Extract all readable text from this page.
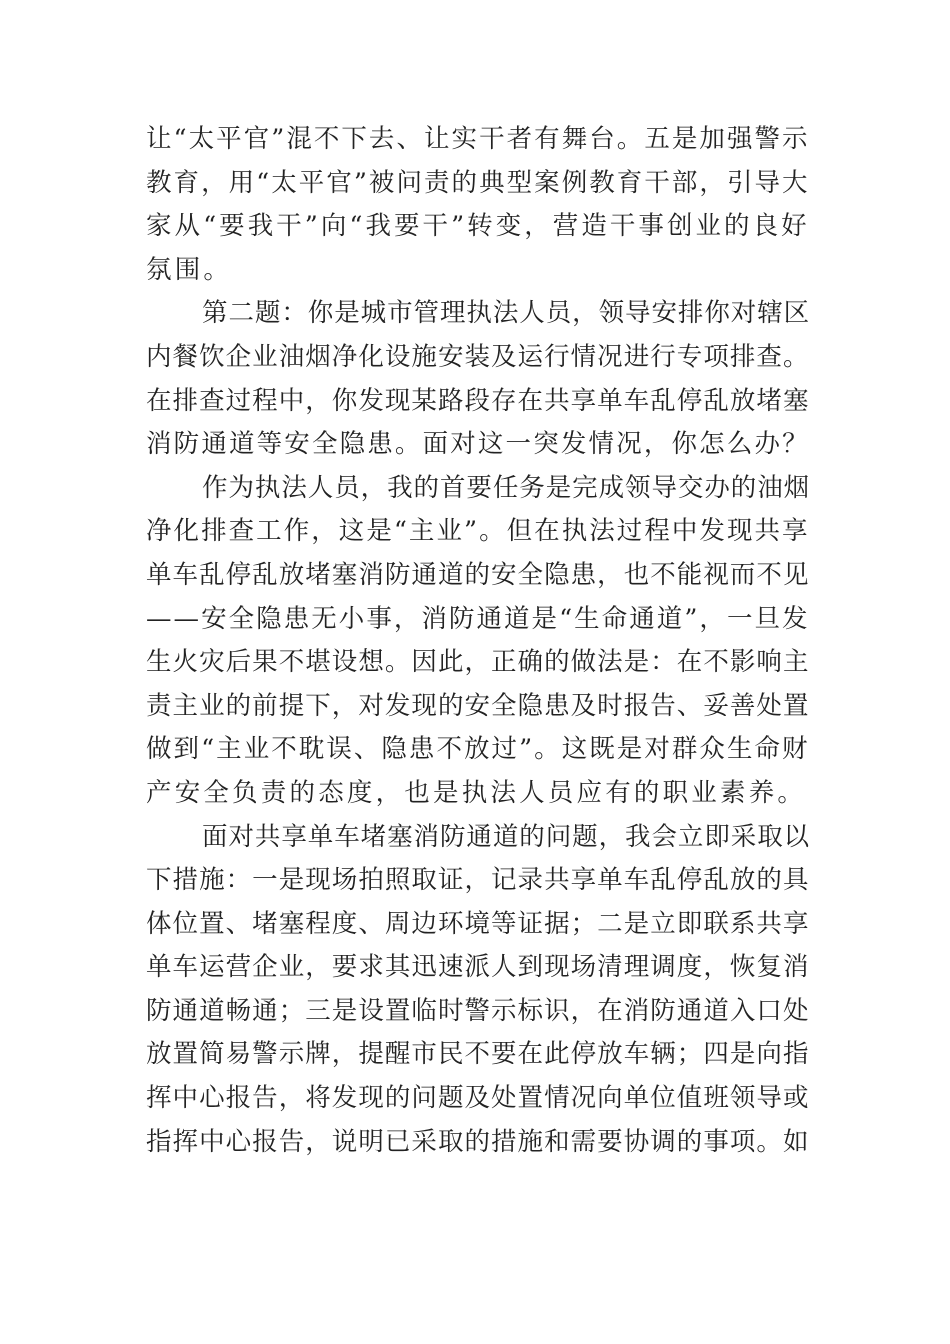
让“太平官”混不下去、让实干者有舞台。五是加强警示
教育，用“太平官”被问责的典型案例教育干部，引导大
家从“要我干”向“我要干”转变，营造干事创业的良好
氛围。
第二题：你是城市管理执法人员，领导安排你对辖区
内餐饮企业油烟净化设施安装及运行情况进行专项排查。
在排查过程中，你发现某路段存在共享单车乱停乱放堵塞
消防通道等安全隐患。面对这一突发情况，你怎么办？
作为执法人员，我的首要任务是完成领导交办的油烟
净化排查工作，这是“主业”。但在执法过程中发现共享
单车乱停乱放堵塞消防通道的安全隐患，也不能视而不见
——安全隐患无小事，消防通道是“生命通道”，一旦发
生火灾后果不堪设想。因此，正确的做法是：在不影响主
责主业的前提下，对发现的安全隐患及时报告、妥善处置
做到“主业不耽误、隐患不放过”。这既是对群众生命财
产安全负责的态度，也是执法人员应有的职业素养。
面对共享单车堵塞消防通道的问题，我会立即采取以
下措施：一是现场拍照取证，记录共享单车乱停乱放的具
体位置、堵塞程度、周边环境等证据；二是立即联系共享
单车运营企业，要求其迅速派人到现场清理调度，恢复消
防通道畅通；三是设置临时警示标识，在消防通道入口处
放置简易警示牌，提醒市民不要在此停放车辆；四是向指
挥中心报告，将发现的问题及处置情况向单位值班领导或
指挥中心报告，说明已采取的措施和需要协调的事项。如
